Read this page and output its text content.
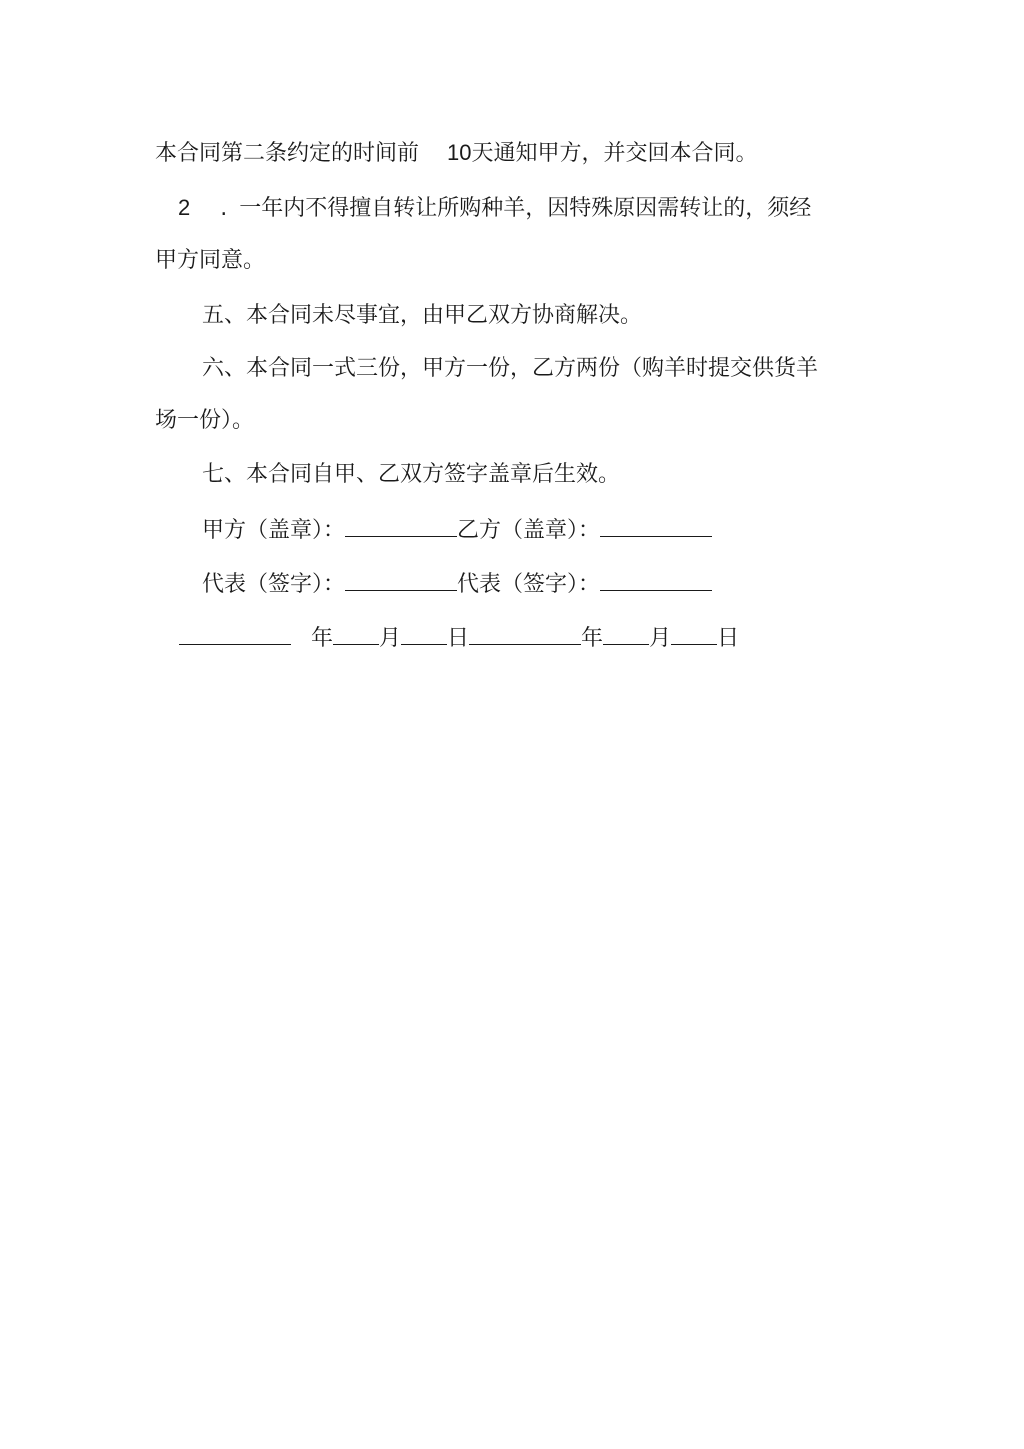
本合同第二条约定的时间前 10天通知甲方，并交回本合同。
2 . 一年内不得擅自转让所购种羊，因特殊原因需转让的，须经
甲方同意。
五、本合同未尽事宜，由甲乙双方协商解决。
六、本合同一式三份，甲方一份，乙方两份（购羊时提交供货羊
场一份）。
七、本合同自甲、乙双方签字盖章后生效。
甲方（盖章）：	乙方（盖章）：
代表（签字）：	代表（签字）：
年 月 日	年 月 日
